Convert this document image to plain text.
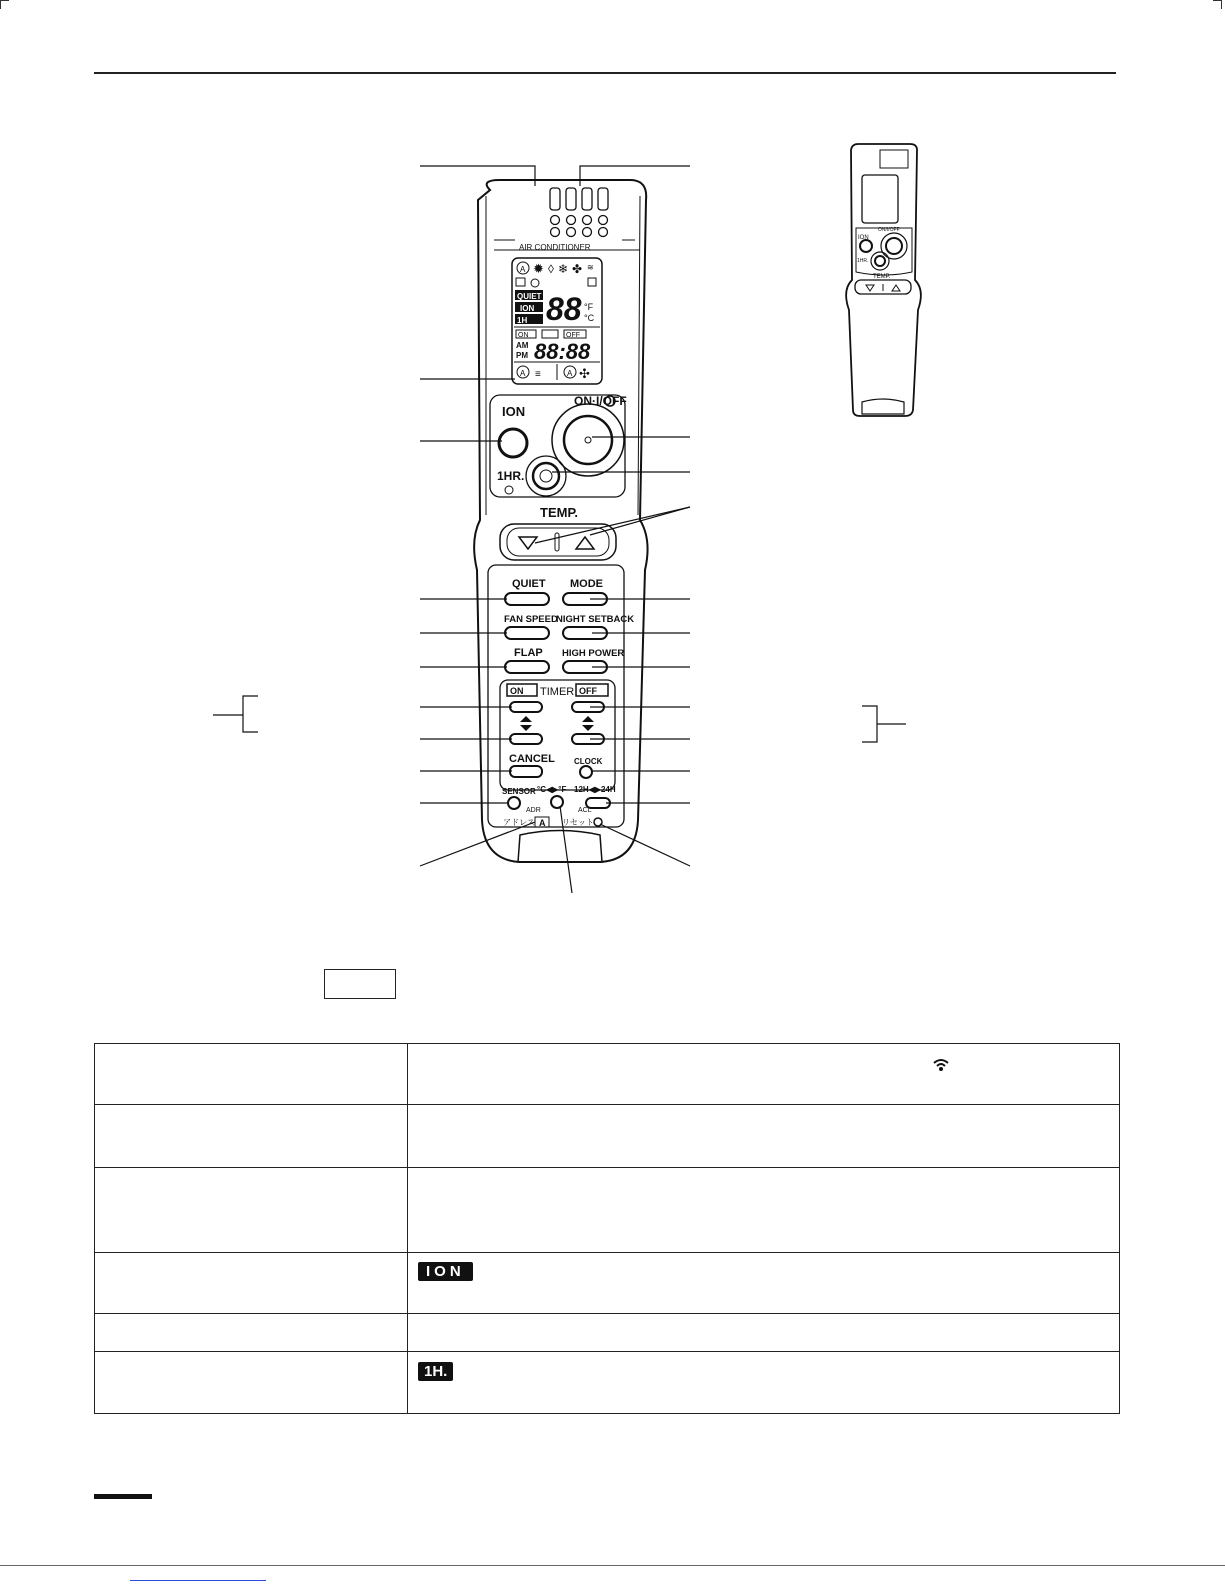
AIR CONDITIONER
A ✹ ◊ ❄ ✤ ≋
QUIET
ION
1H 88 °F
°C
ON	OFF
AM
PM 88:88
A ≡	A ✣
ION
ON·I/OFF
1HR.
TEMP.
QUIET MODE
FAN SPEED
NIGHT SETBACK
FLAP HIGH POWER
ON TIMER OFF
CANCEL CLOCK
SENSOR °C◀▶°F 12H◀▶24H
ADR	ACL
アドレス A リセット
ION
ON/I/OFF
1HR.
TEMP.

	ION

	1H.
